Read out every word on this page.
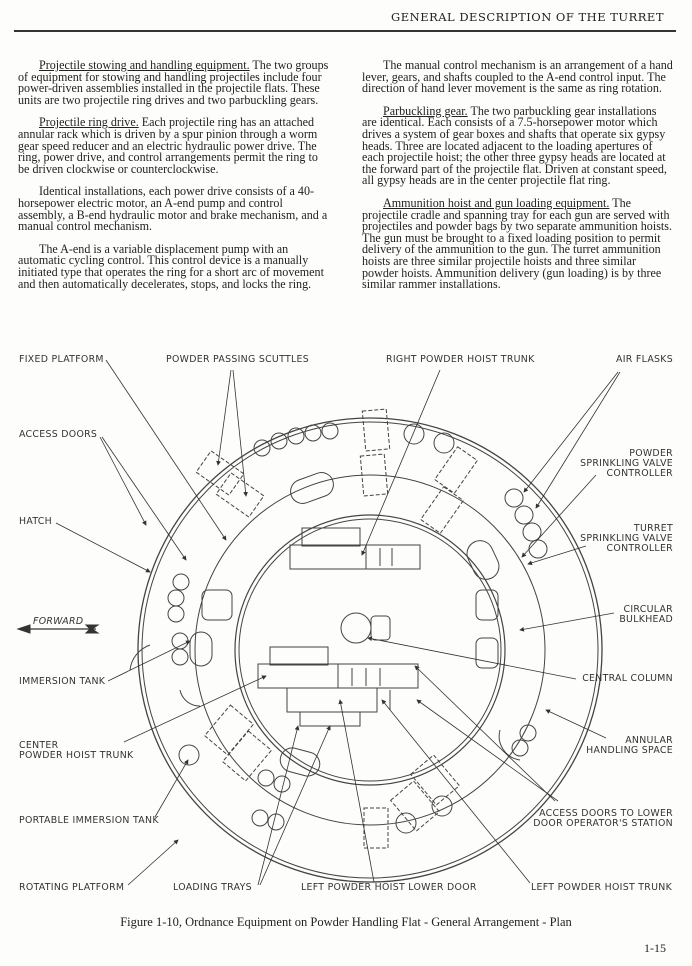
GENERAL DESCRIPTION OF THE TURRET

Projectile stowing and handling equipment. The two groups of equipment for stowing and handling projectiles include four power-driven assemblies installed in the projectile flats. These units are two projectile ring drives and two parbuckling gears.

Projectile ring drive. Each projectile ring has an attached annular rack which is driven by a spur pinion through a worm gear speed reducer and an electric hydraulic power drive. The ring, power drive, and control arrangements permit the ring to be driven clockwise or counterclockwise.

Identical installations, each power drive consists of a 40-horsepower electric motor, an A-end pump and control assembly, a B-end hydraulic motor and brake mechanism, and a manual control mechanism.

The A-end is a variable displacement pump with an automatic cycling control. This control device is a manually initiated type that operates the ring for a short arc of movement and then automatically decelerates, stops, and locks the ring.

The manual control mechanism is an arrangement of a hand lever, gears, and shafts coupled to the A-end control input. The direction of hand lever movement is the same as ring rotation.

Parbuckling gear. The two parbuckling gear installations are identical. Each consists of a 7.5-horsepower motor which drives a system of gear boxes and shafts that operate six gypsy heads. Three are located adjacent to the loading apertures of each projectile hoist; the other three gypsy heads are located at the forward part of the projectile flat. Driven at constant speed, all gypsy heads are in the center projectile flat ring.

Ammunition hoist and gun loading equipment. The projectile cradle and spanning tray for each gun are served with projectiles and powder bags by two separate ammunition hoists. The gun must be brought to a fixed loading position to permit delivery of the ammunition to the gun. The turret ammunition hoists are three similar projectile hoists and three similar powder hoists. Ammunition delivery (gun loading) is by three similar rammer installations.

FIXED PLATFORM	POWDER PASSING SCUTTLES	RIGHT POWDER HOIST TRUNK	AIR FLASKS
ACCESS DOORS
POWDER
SPRINKLING VALVE
CONTROLLER
HATCH
TURRET
SPRINKLING VALVE
CONTROLLER
FORWARD
CIRCULAR
BULKHEAD
IMMERSION TANK	CENTRAL COLUMN
CENTER
POWDER HOIST TRUNK
ANNULAR
HANDLING SPACE
ACCESS DOORS TO LOWER
DOOR OPERATOR'S STATION
PORTABLE IMMERSION TANK
ROTATING PLATFORM	LOADING TRAYS	LEFT POWDER HOIST LOWER DOOR	LEFT POWDER HOIST TRUNK
Figure 1-10, Ordnance Equipment on Powder Handling Flat - General Arrangement - Plan
1-15
